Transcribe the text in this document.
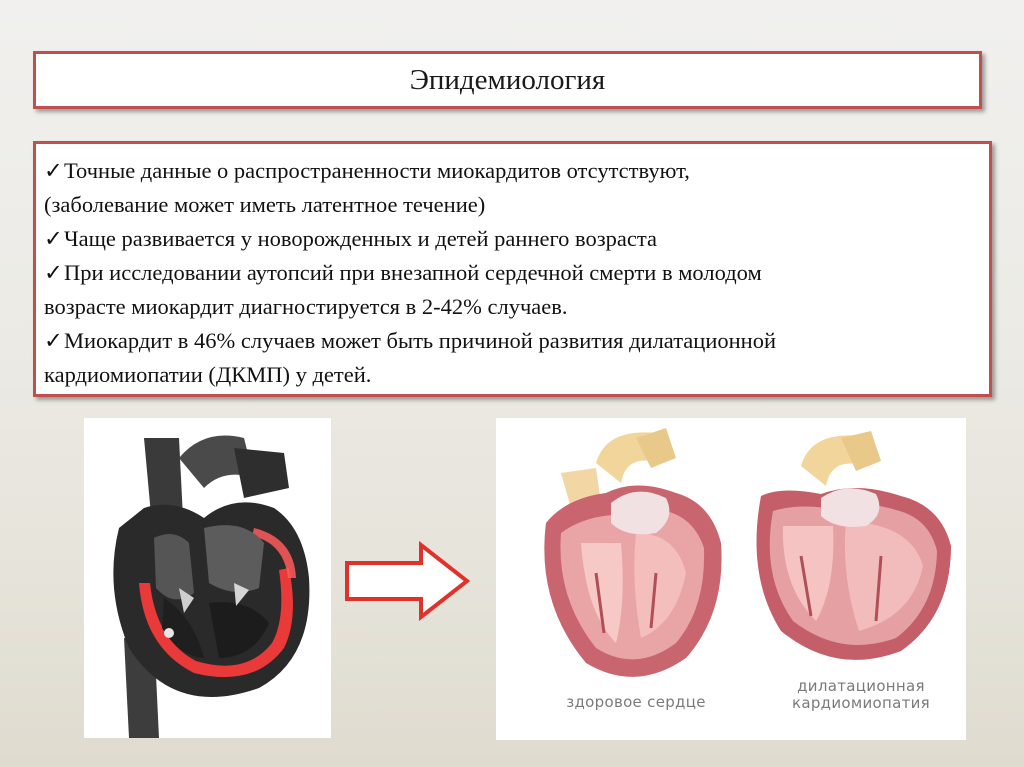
Эпидемиология
✓Точные данные о распространенности миокардитов отсутствуют,
(заболевание может иметь латентное течение)
✓Чаще развивается у новорожденных и детей раннего возраста
✓При исследовании аутопсий при внезапной сердечной смерти в молодом
возрасте миокардит диагностируется в 2-42% случаев.
✓Миокардит в 46% случаев может быть причиной развития дилатационной
кардиомиопатии (ДКМП) у детей.
здоровое сердце
дилатационная
кардиомиопатия
